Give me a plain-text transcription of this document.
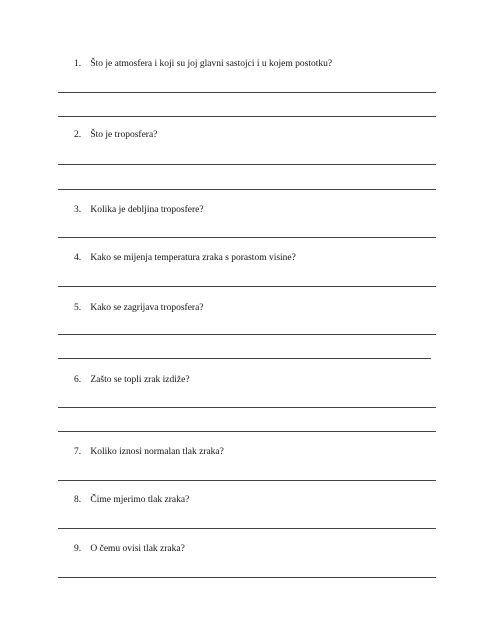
1. Što je atmosfera i koji su joj glavni sastojci i u kojem postotku?
2. Što je troposfera?
3. Kolika je debljina troposfere?
4. Kako se mijenja temperatura zraka s porastom visine?
5. Kako se zagrijava troposfera?
6. Zašto se topli zrak izdiže?
7. Koliko iznosi normalan tlak zraka?
8. Čime mjerimo tlak zraka?
9. O čemu ovisi tlak zraka?
